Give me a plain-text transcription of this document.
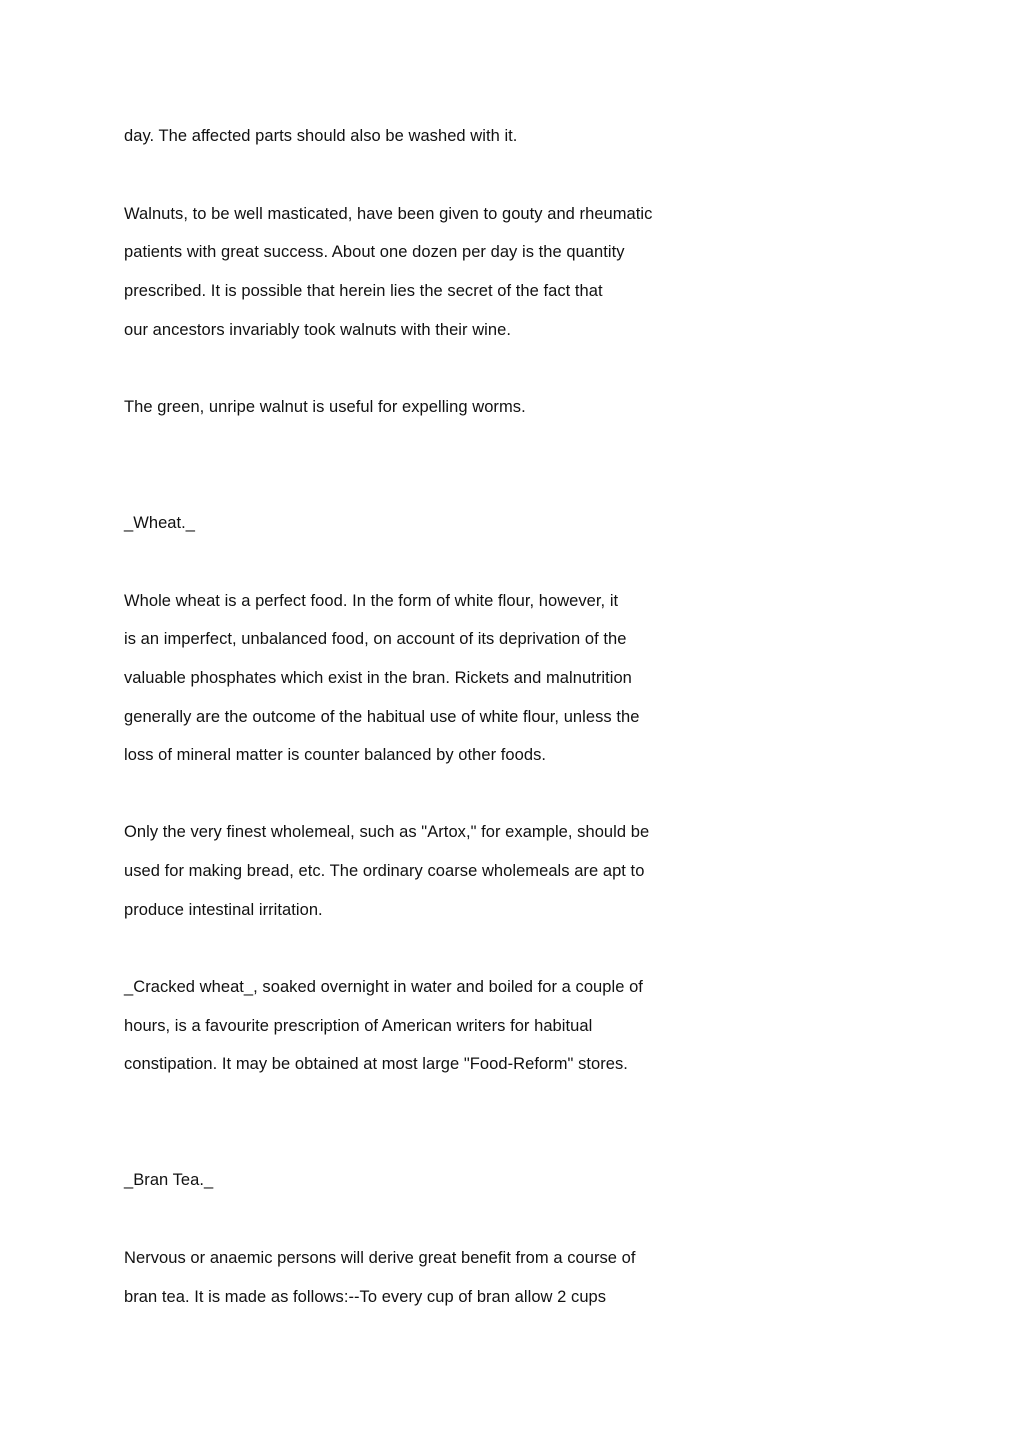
day. The affected parts should also be washed with it.

Walnuts, to be well masticated, have been given to gouty and rheumatic

patients with great success. About one dozen per day is the quantity

prescribed. It is possible that herein lies the secret of the fact that

our ancestors invariably took walnuts with their wine.

The green, unripe walnut is useful for expelling worms.

_Wheat._

Whole wheat is a perfect food. In the form of white flour, however, it

is an imperfect, unbalanced food, on account of its deprivation of the

valuable phosphates which exist in the bran. Rickets and malnutrition

generally are the outcome of the habitual use of white flour, unless the

loss of mineral matter is counter balanced by other foods.

Only the very finest wholemeal, such as "Artox," for example, should be

used for making bread, etc. The ordinary coarse wholemeals are apt to

produce intestinal irritation.

_Cracked wheat_, soaked overnight in water and boiled for a couple of

hours, is a favourite prescription of American writers for habitual

constipation. It may be obtained at most large "Food-Reform" stores.

_Bran Tea._

Nervous or anaemic persons will derive great benefit from a course of

bran tea. It is made as follows:--To every cup of bran allow 2 cups
